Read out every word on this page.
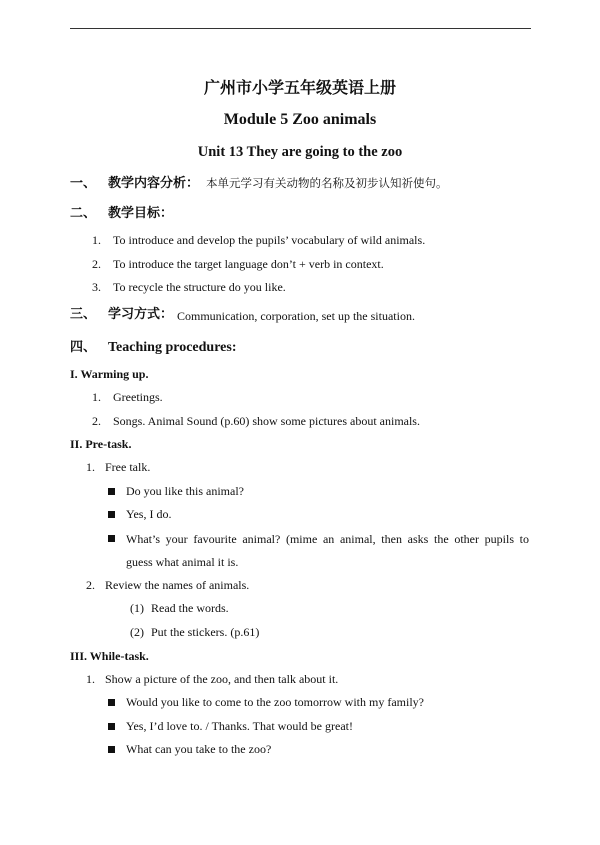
广州市小学五年级英语上册
Module 5 Zoo animals
Unit 13 They are going to the zoo
一、 教学内容分析： 本单元学习有关动物的名称及初步认知祈使句。
二、 教学目标：
1. To introduce and develop the pupils’ vocabulary of wild animals.
2. To introduce the target language don’t + verb in context.
3. To recycle the structure do you like.
三、 学习方式： Communication, corporation, set up the situation.
四、 Teaching procedures:
I. Warming up.
1. Greetings.
2. Songs. Animal Sound (p.60) show some pictures about animals.
II. Pre-task.
1. Free talk.
Do you like this animal?
Yes, I do.
What’s your favourite animal? (mime an animal, then asks the other pupils to
guess what animal it is.
2. Review the names of animals.
(1) Read the words.
(2) Put the stickers. (p.61)
III. While-task.
1. Show a picture of the zoo, and then talk about it.
Would you like to come to the zoo tomorrow with my family?
Yes, I’d love to. / Thanks. That would be great!
What can you take to the zoo?
